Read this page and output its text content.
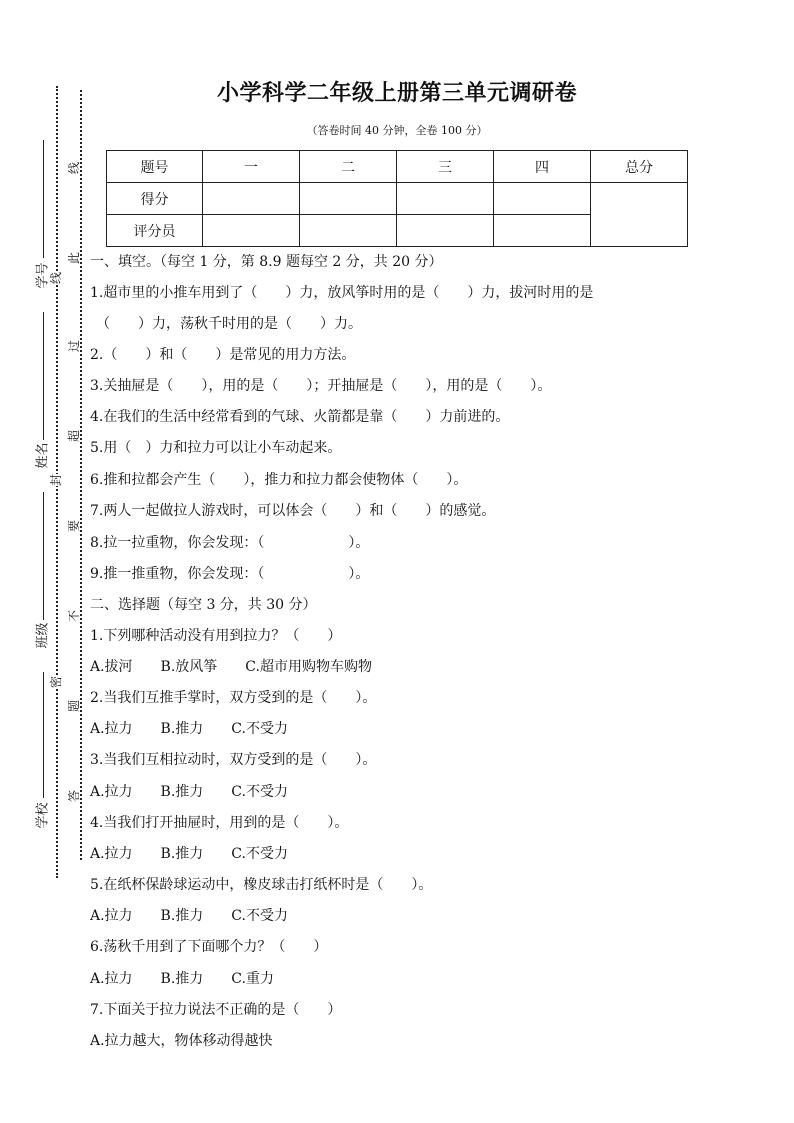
学号
姓名
班级
学校
线
此
过
超
要
不
题
答
线
封
密
小学科学二年级上册第三单元调研卷
（答卷时间 40 分钟，全卷 100 分）
题号	一	二	三	四	总分
得分					
评分员					
一、填空。（每空 1 分，第 8.9 题每空 2 分，共 20 分）
1.超市里的小推车用到了（　　）力，放风筝时用的是（　　）力，拔河时用的是
（　　）力，荡秋千时用的是（　　）力。
2.（　　）和（　　）是常见的用力方法。
3.关抽屉是（　　），用的是（　　）；开抽屉是（　　），用的是（　　）。
4.在我们的生活中经常看到的气球、火箭都是靠（　　）力前进的。
5.用（　）力和拉力可以让小车动起来。
6.推和拉都会产生（　　），推力和拉力都会使物体（　　）。
7.两人一起做拉人游戏时，可以体会（　　）和（　　）的感觉。
8.拉一拉重物，你会发现：（　　　　　　）。
9.推一推重物，你会发现：（　　　　　　）。
二、选择题（每空 3 分，共 30 分）
1.下列哪种活动没有用到拉力？（　　）
A.拔河　　B.放风筝　　C.超市用购物车购物
2.当我们互推手掌时，双方受到的是（　　）。
A.拉力　　B.推力　　C.不受力
3.当我们互相拉动时，双方受到的是（　　）。
A.拉力　　B.推力　　C.不受力
4.当我们打开抽屉时，用到的是（　　）。
A.拉力　　B.推力　　C.不受力
5.在纸杯保龄球运动中，橡皮球击打纸杯时是（　　）。
A.拉力　　B.推力　　C.不受力
6.荡秋千用到了下面哪个力？（　　）
A.拉力　　B.推力　　C.重力
7.下面关于拉力说法不正确的是（　　）
A.拉力越大，物体移动得越快
